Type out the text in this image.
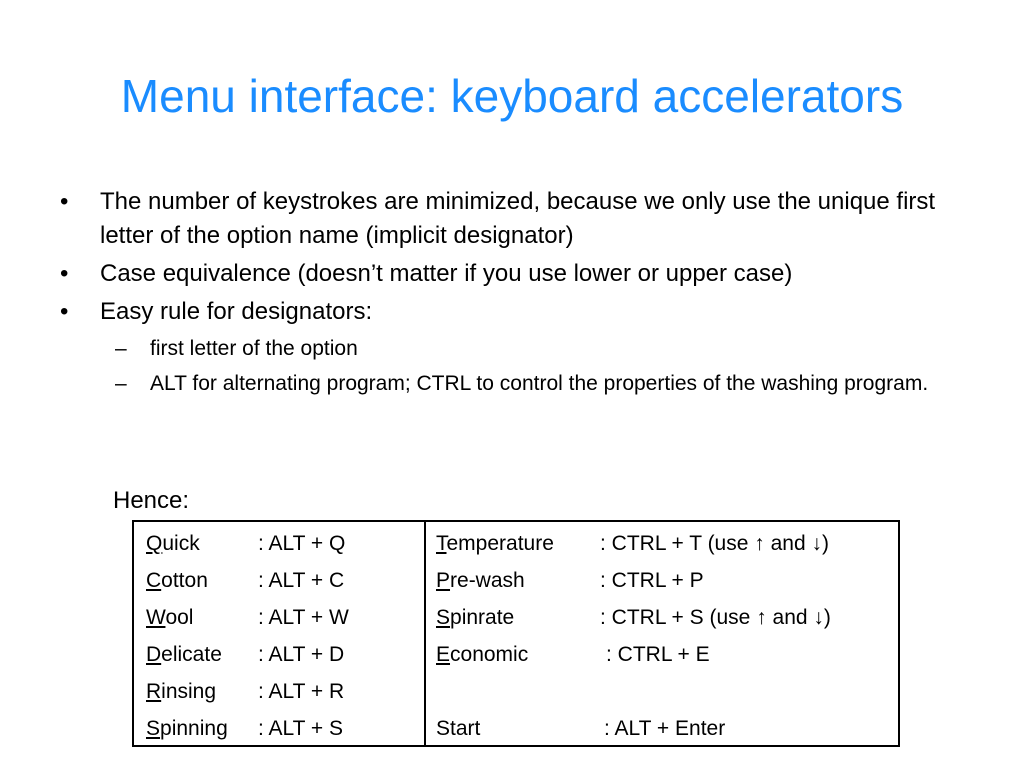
Menu interface: keyboard accelerators
•	The number of keystrokes are minimized, because we only use the unique first letter of the option name (implicit designator)
•	Case equivalence (doesn’t matter if you use lower or upper case)
•	Easy rule for designators:
– first letter of the option
– ALT for alternating program; CTRL to control the properties of the washing program.
Hence:
Quick	: ALT + Q
Cotton : ALT + C
Wool	: ALT + W
Delicate : ALT + D
Rinsing : ALT + R
Spinning : ALT + S
Temperature : CTRL + T (use ↑ and ↓)
Pre-wash	: CTRL + P
Spinrate	: CTRL + S (use ↑ and ↓)
Economic	: CTRL + E
Start	: ALT + Enter
